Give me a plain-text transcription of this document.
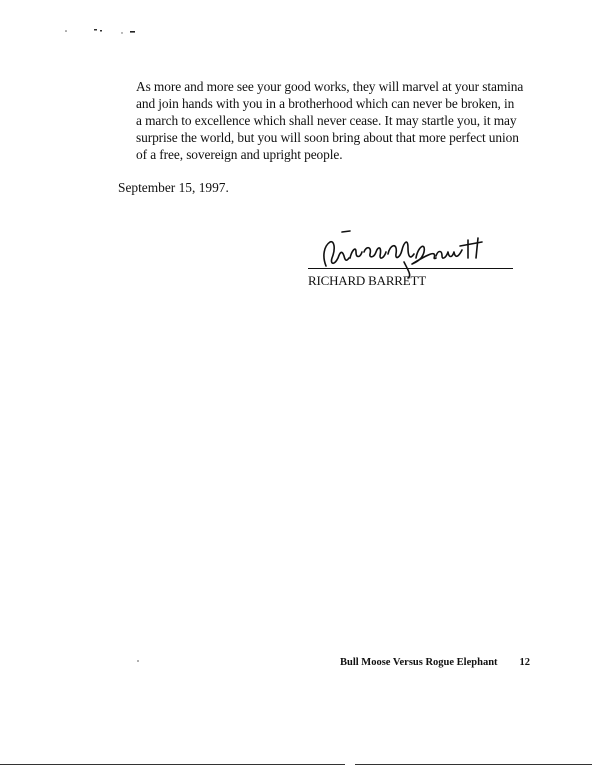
As more and more see your good works, they will marvel at your stamina
and join hands with you in a brotherhood which can never be broken, in
a march to excellence which shall never cease. It may startle you, it may
surprise the world, but you will soon bring about that more perfect union
of a free, sovereign and upright people.

September 15, 1997.
RICHARD BARRETT
Bull Moose Versus Rogue Elephant 12
